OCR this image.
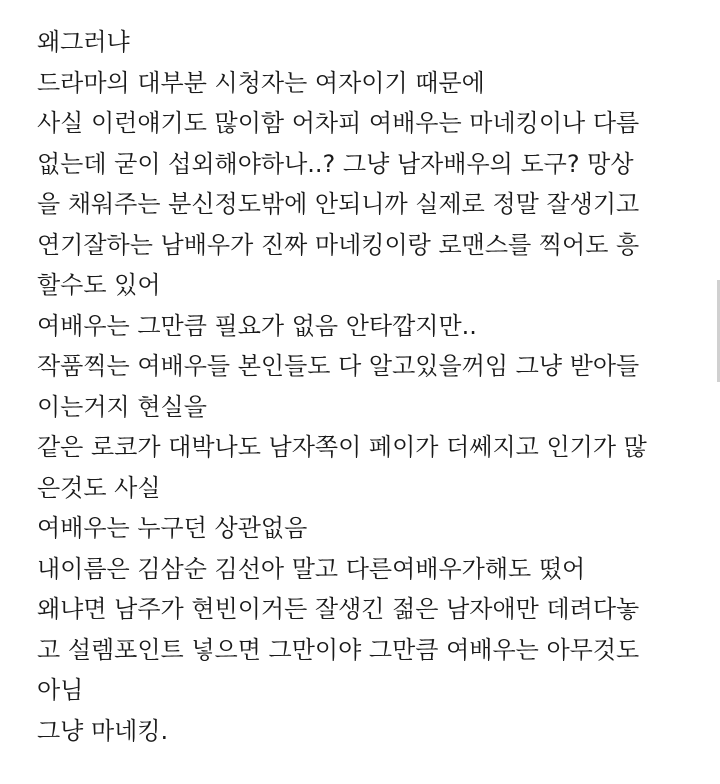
왜그러냐
드라마의 대부분 시청자는 여자이기 때문에
사실 이런얘기도 많이함 어차피 여배우는 마네킹이나 다름
없는데 굳이 섭외해야하나..? 그냥 남자배우의 도구? 망상
을 채워주는 분신정도밖에 안되니까 실제로 정말 잘생기고
연기잘하는 남배우가 진짜 마네킹이랑 로맨스를 찍어도 흥
할수도 있어
여배우는 그만큼 필요가 없음 안타깝지만..
작품찍는 여배우들 본인들도 다 알고있을꺼임 그냥 받아들
이는거지 현실을
같은 로코가 대박나도 남자쪽이 페이가 더쎄지고 인기가 많
은것도 사실
여배우는 누구던 상관없음
내이름은 김삼순 김선아 말고 다른여배우가해도 떴어
왜냐면 남주가 현빈이거든 잘생긴 젊은 남자애만 데려다놓
고 설렘포인트 넣으면 그만이야 그만큼 여배우는 아무것도
아님
그냥 마네킹.
